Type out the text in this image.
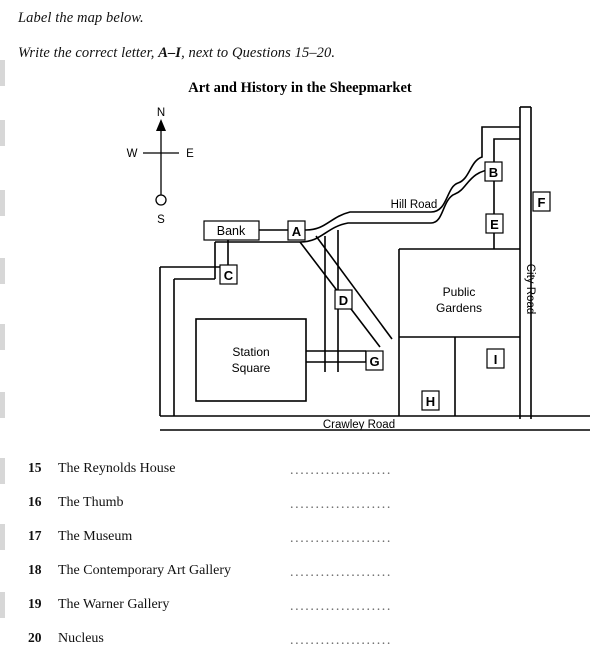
Label the map below.
Write the correct letter, A–I, next to Questions 15–20.
Art and History in the Sheepmarket
Hill Road
City Road
Crawley Road
Public
Gardens
Station
Square
Bank
N
S
E
W
A
B
C
D
E
F
G
H
I
15	The Reynolds House	....................
16	The Thumb	....................
17	The Museum	....................
18	The Contemporary Art Gallery	....................
19	The Warner Gallery	....................
20	Nucleus	....................
